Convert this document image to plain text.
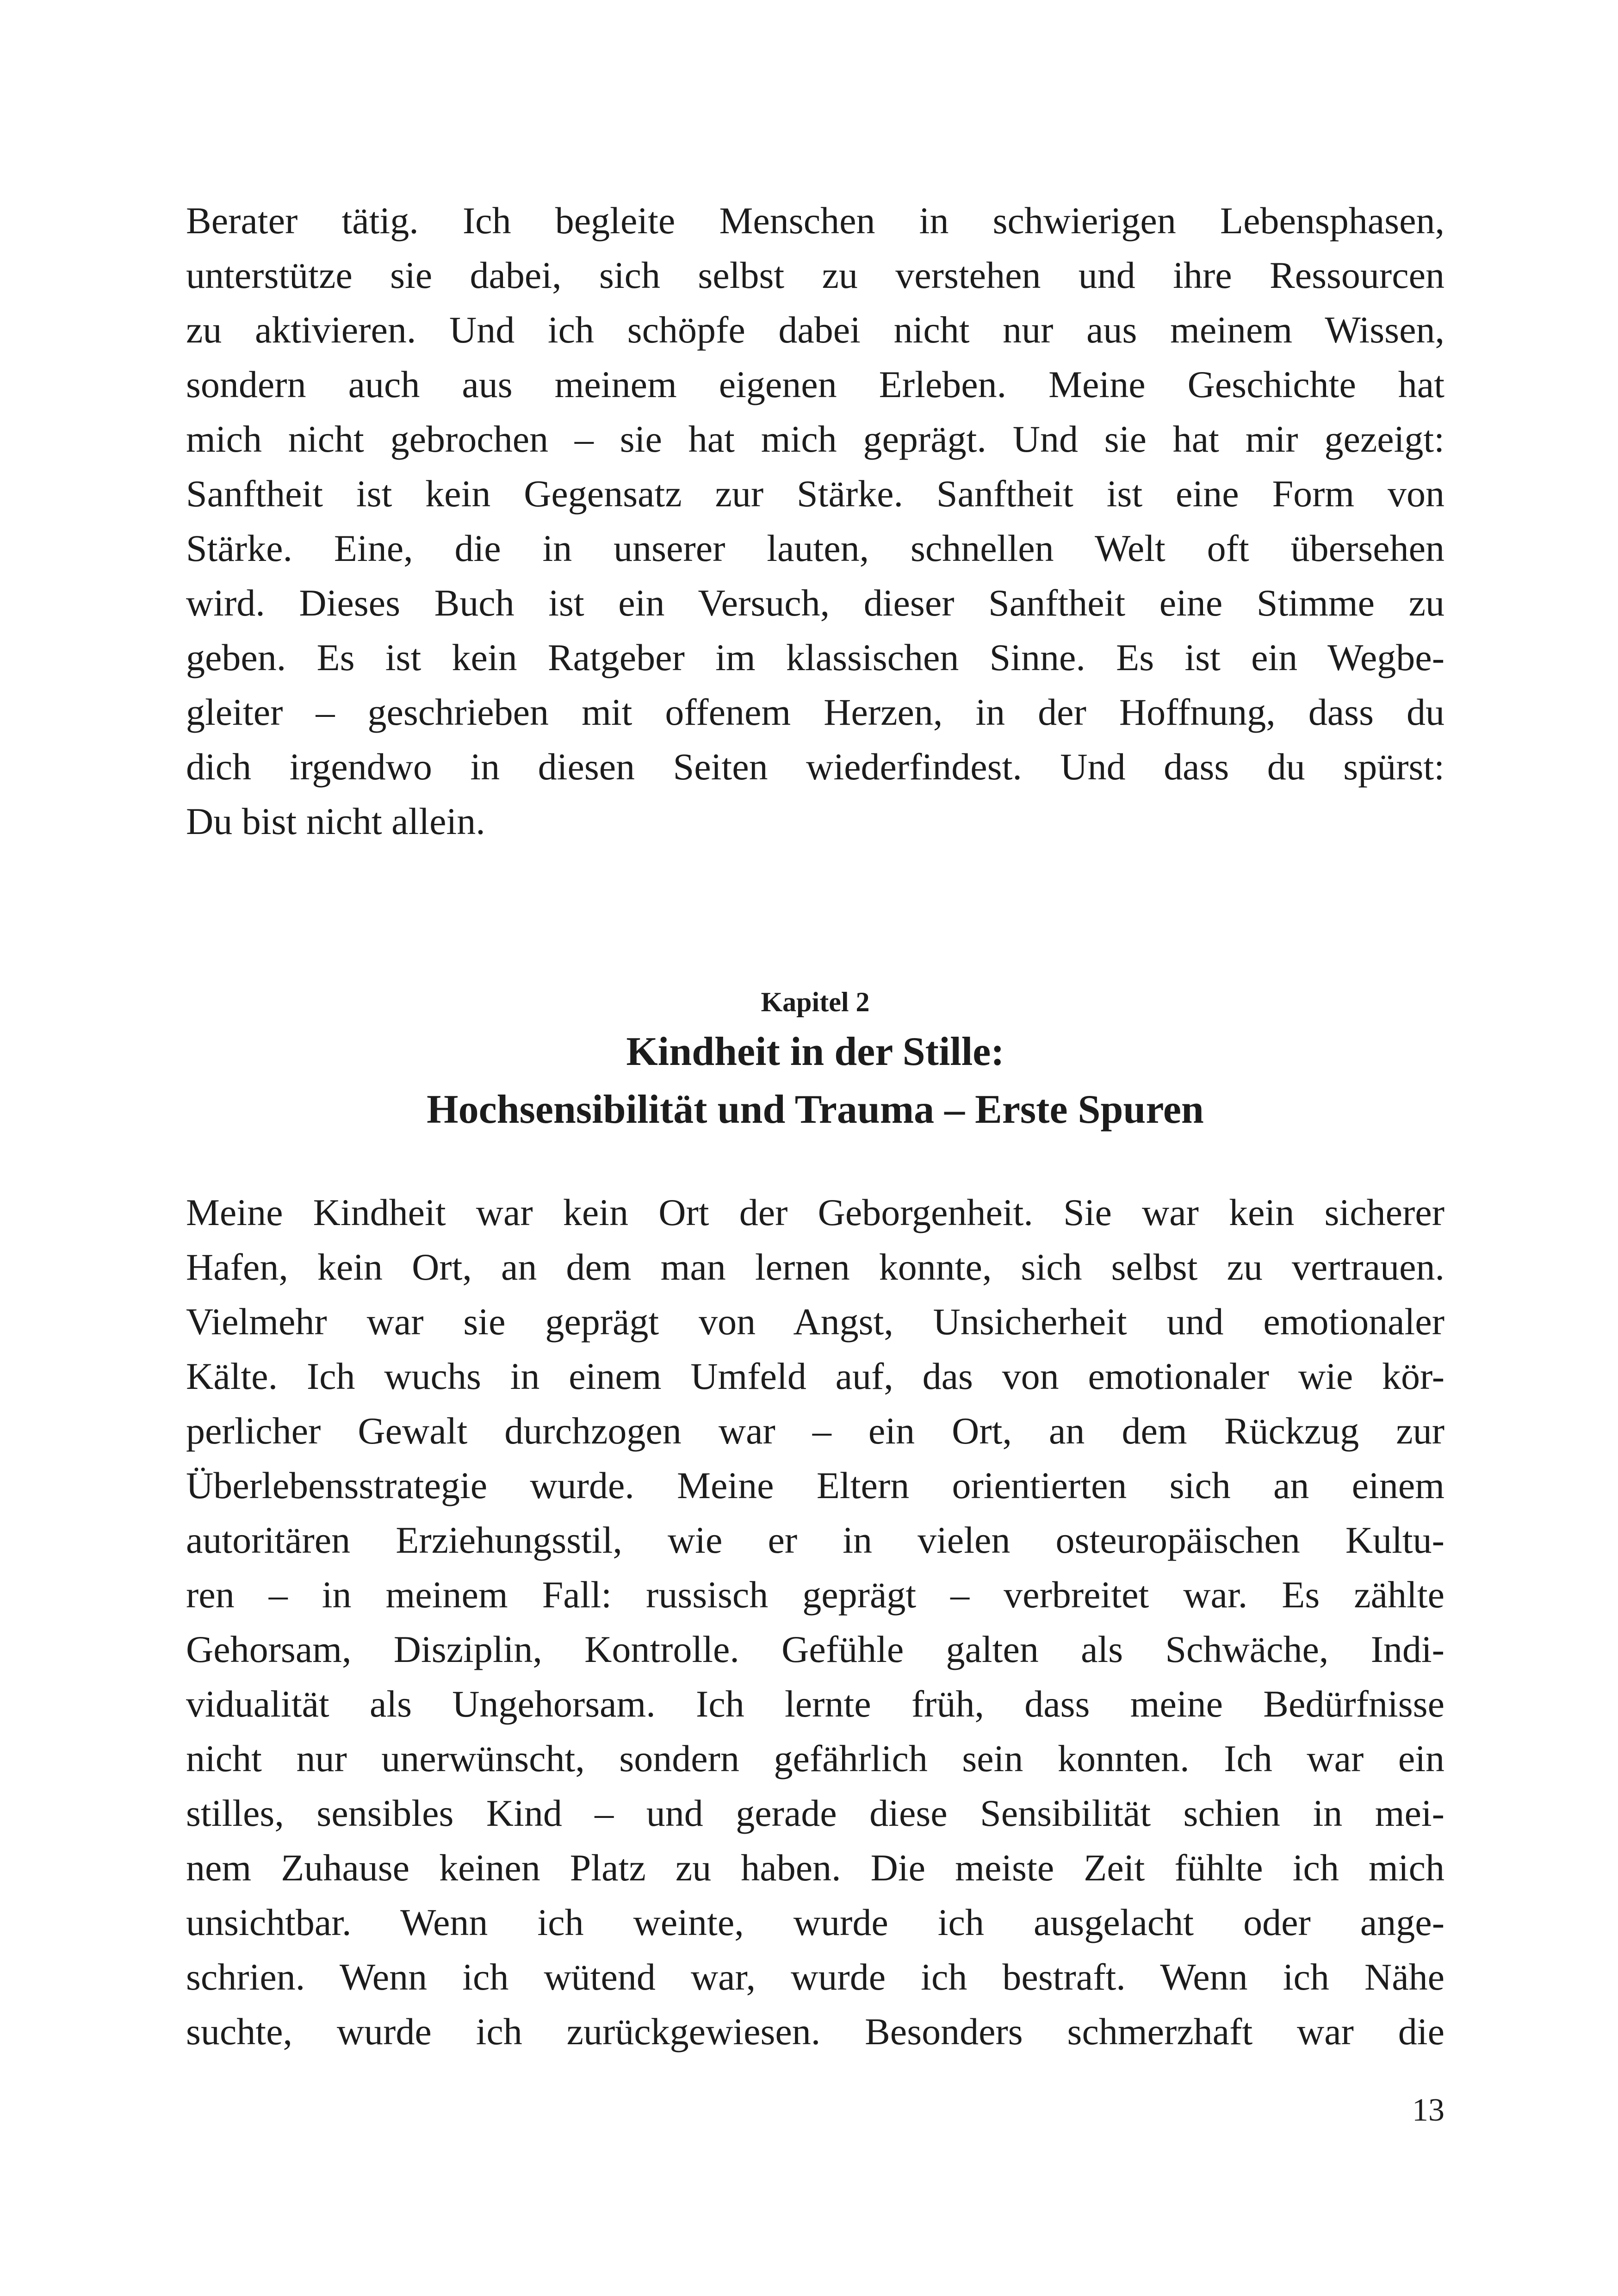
Berater tätig. Ich begleite Menschen in schwierigen Lebensphasen,
unterstütze sie dabei, sich selbst zu verstehen und ihre Ressourcen
zu aktivieren. Und ich schöpfe dabei nicht nur aus meinem Wissen,
sondern auch aus meinem eigenen Erleben. Meine Geschichte hat
mich nicht gebrochen – sie hat mich geprägt. Und sie hat mir gezeigt:
Sanftheit ist kein Gegensatz zur Stärke. Sanftheit ist eine Form von
Stärke. Eine, die in unserer lauten, schnellen Welt oft übersehen
wird. Dieses Buch ist ein Versuch, dieser Sanftheit eine Stimme zu
geben. Es ist kein Ratgeber im klassischen Sinne. Es ist ein Wegbe-
gleiter – geschrieben mit offenem Herzen, in der Hoffnung, dass du
dich irgendwo in diesen Seiten wiederfindest. Und dass du spürst:
Du bist nicht allein.
Kapitel 2
Kindheit in der Stille:
Hochsensibilität und Trauma – Erste Spuren
Meine Kindheit war kein Ort der Geborgenheit. Sie war kein sicherer
Hafen, kein Ort, an dem man lernen konnte, sich selbst zu vertrauen.
Vielmehr war sie geprägt von Angst, Unsicherheit und emotionaler
Kälte. Ich wuchs in einem Umfeld auf, das von emotionaler wie kör-
perlicher Gewalt durchzogen war – ein Ort, an dem Rückzug zur
Überlebensstrategie wurde. Meine Eltern orientierten sich an einem
autoritären Erziehungsstil, wie er in vielen osteuropäischen Kultu-
ren – in meinem Fall: russisch geprägt – verbreitet war. Es zählte
Gehorsam, Disziplin, Kontrolle. Gefühle galten als Schwäche, Indi-
vidualität als Ungehorsam. Ich lernte früh, dass meine Bedürfnisse
nicht nur unerwünscht, sondern gefährlich sein konnten. Ich war ein
stilles, sensibles Kind – und gerade diese Sensibilität schien in mei-
nem Zuhause keinen Platz zu haben. Die meiste Zeit fühlte ich mich
unsichtbar. Wenn ich weinte, wurde ich ausgelacht oder ange-
schrien. Wenn ich wütend war, wurde ich bestraft. Wenn ich Nähe
suchte, wurde ich zurückgewiesen. Besonders schmerzhaft war die
13
